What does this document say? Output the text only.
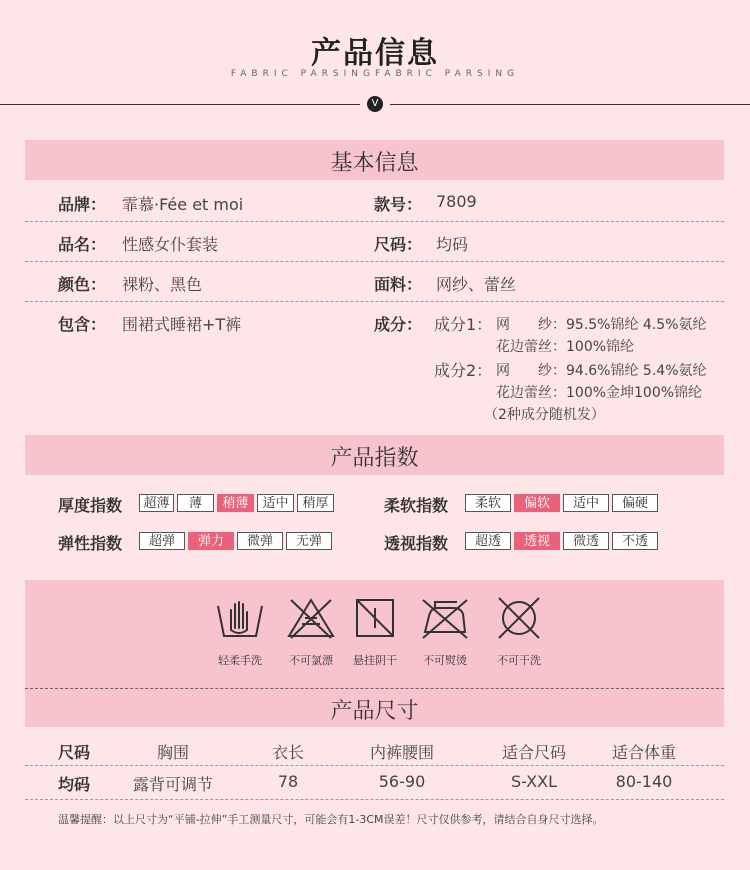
产品信息
FABRIC PARSINGFABRIC PARSING
V
基本信息
品牌： 霏慕·Fée et moi	款号： 7809
品名： 性感女仆套装	尺码： 均码
颜色： 裸粉、黑色	面料： 网纱、蕾丝
包含： 围裙式睡裙+T裤	成分： 成分1： 网　　纱：95.5%锦纶 4.5%氨纶
花边蕾丝：100%锦纶
成分2： 网　　纱：94.6%锦纶 5.4%氨纶
花边蕾丝：100%金坤100%锦纶
（2种成分随机发）
产品指数
厚度指数	超薄	薄	稍薄	适中	稍厚	柔软指数	柔软	偏软	适中	偏硬
弹性指数	超弹	弹力	微弹	无弹	透视指数	超透	透视	微透	不透
轻柔手洗	不可氯漂	悬挂阴干	不可熨烫	不可干洗
产品尺寸
尺码	胸围	衣长	内裤腰围	适合尺码	适合体重
均码	露背可调节	78	56-90	S-XXL	80-140
温馨提醒：以上尺寸为“平铺-拉伸”手工测量尺寸，可能会有1-3CM误差！尺寸仅供参考，请结合自身尺寸选择。
